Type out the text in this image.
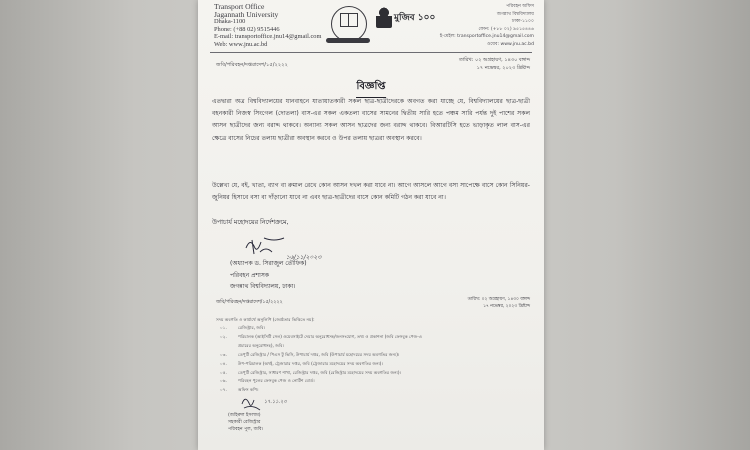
Transport Office
Jagannath University
Dhaka-1100
Phone: (+88 02) 9515446
E-mail: transportoffice.jnu14@gmail.com
Web: www.jnu.ac.bd
মুজিব ১০০
পরিবহন অফিস
জগন্নাথ বিশ্ববিদ্যালয়
ঢাকা-১১০০
ফোন: (+৮৮ ০২) ৯৫১৫৪৪৬
ই-মেইল: transportoffice.jnu14@gmail.com
ওয়েব: www.jnu.ac.bd
জবি/পরিবহন/দপ্তরাদেশ/১৫/২২২২
তারিখ: ০২ অগ্রহায়ণ, ১৪৩০ বঙ্গাব্দ
১৭ নভেম্বর, ২০২৩ খ্রিষ্টাব্দ
বিজ্ঞপ্তি
এতদ্বারা অত্র বিশ্ববিদ্যালয়ের যানবাহনে যাতায়াতকারী সকল ছাত্র-ছাত্রীদেরকে অবগত করা যাচ্ছে যে, বিশ্ববিদ্যালয়ের ছাত্র-ছাত্রী বহনকারী নিজস্ব সিংগেল (দোতলা) বাস-এর সকল একতলা বাসের সামনের দ্বিতীয় সারি হতে পঞ্চম সারি পর্যন্ত দুই পাশের সকল আসন ছাত্রীদের জন্য বরাদ্দ থাকবে। অন্যান্য সকল আসন ছাত্রদের জন্য বরাদ্দ থাকবে। বিআরটিসি হতে ভাড়াকৃত লাল বাস-এর ক্ষেত্রে বাসের নিচের তলায় ছাত্রীরা অবস্থান করবে ও উপর তলায় ছাত্ররা অবস্থান করবে।
উল্লেখ্য যে, বই, খাতা, ব্যাগ বা রুমাল রেখে কোন আসন দখল করা যাবে না। আগে আসলে আগে বসা সাপেক্ষে বাসে কোন সিনিয়র-জুনিয়র হিসাবে বসা বা দাঁড়ানো যাবে না এবং ছাত্র-ছাত্রীদের বাসে কোন কমিটি গঠন করা যাবে না।
উপাচার্য মহোদয়ের নির্দেশক্রমে,
১৬/১১/২০২৩
(অধ্যাপক ড. সিরাজুল তৌফিক)
পরিবহন প্রশাসক
জগন্নাথ বিশ্ববিদ্যালয়, ঢাকা।
জবি/পরিবহন/দপ্তরাদেশ/১৫/২২২২
তারিখ: ০২ অগ্রহায়ণ, ১৪৩০ বঙ্গাব্দ
১৭ নভেম্বর, ২০২৩ খ্রিষ্টাব্দ
সদয় অবগতি ও কার্যার্থে অনুলিপি (জ্যেষ্ঠতার ভিত্তিতে নয়):
০১.	রেজিস্ট্রার, জবি।
০২.	পরিচালক (আইসিটি সেল) ওয়েবসাইটে দেয়ার অনুরোধসহ/জনসংযোগ, তথ্য ও প্রকাশনা (জবি ফেসবুক পেজ-এ
প্রচারের অনুরোধসহ), জবি।
০৩.	ডেপুটি রেজিস্ট্রার / পিএস টু ভিসি, উপাচার্য দপ্তর, জবি (উপাচার্য মহোদয়ের সদয় অবগতির জন্য)।
০৪.	উপ-পরিচালক (অর্থ), ট্রেজারার দপ্তর, জবি (ট্রেজারার মহোদয়ের সদয় অবগতির জন্য)।
০৫.	ডেপুটি রেজিস্ট্রার, সাধারণ শাখা, রেজিস্ট্রার দপ্তর, জবি (রেজিস্ট্রার মহোদয়ের সদয় অবগতির জন্য)।
০৬.	পরিবহন পুলের ফেসবুক পেজ ও নোটিশ বোর্ড।
০৭.	অফিস কপি।
১৭.১১.২৩
(জহিরুল ইসলাম)
সহকারী রেজিস্ট্রার
পরিবহন পুল, জবি।
